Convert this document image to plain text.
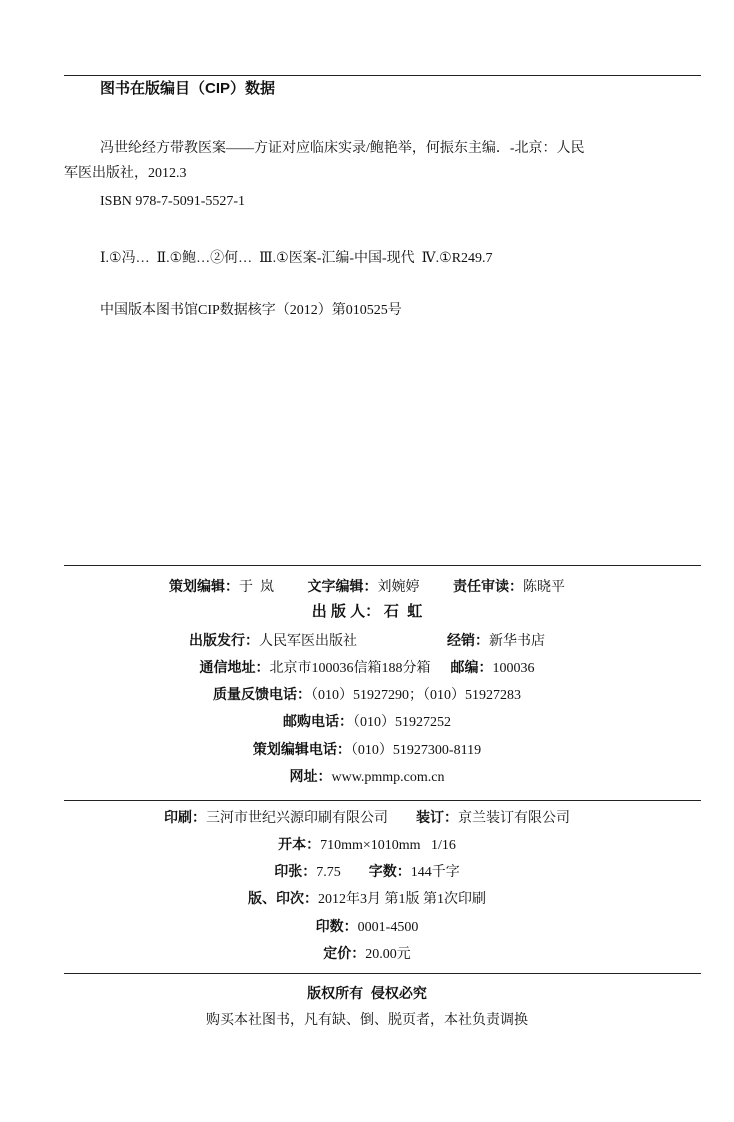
图书在版编目（CIP）数据
冯世纶经方带教医案——方证对应临床实录/鲍艳举，何振东主编．-北京：人民
军医出版社，2012.3
ISBN 978-7-5091-5527-1
Ⅰ.①冯…  Ⅱ.①鲍…②何…  Ⅲ.①医案-汇编-中国-现代  Ⅳ.①R249.7
中国版本图书馆CIP数据核字（2012）第010525号
策划编辑：于  岚 文字编辑：刘婉婷 责任审读：陈晓平
出 版 人： 石  虹
出版发行：人民军医出版社	经销：新华书店
通信地址：北京市100036信箱188分箱 邮编：100036
质量反馈电话：（010）51927290；（010）51927283
邮购电话：（010）51927252
策划编辑电话：（010）51927300-8119
网址：www.pmmp.com.cn
印刷：三河市世纪兴源印刷有限公司 装订：京兰装订有限公司
开本：710mm×1010mm   1/16
印张：7.75 字数：144千字
版、印次：2012年3月 第1版 第1次印刷
印数：0001-4500
定价：20.00元
版权所有  侵权必究
购买本社图书，凡有缺、倒、脱页者，本社负责调换
